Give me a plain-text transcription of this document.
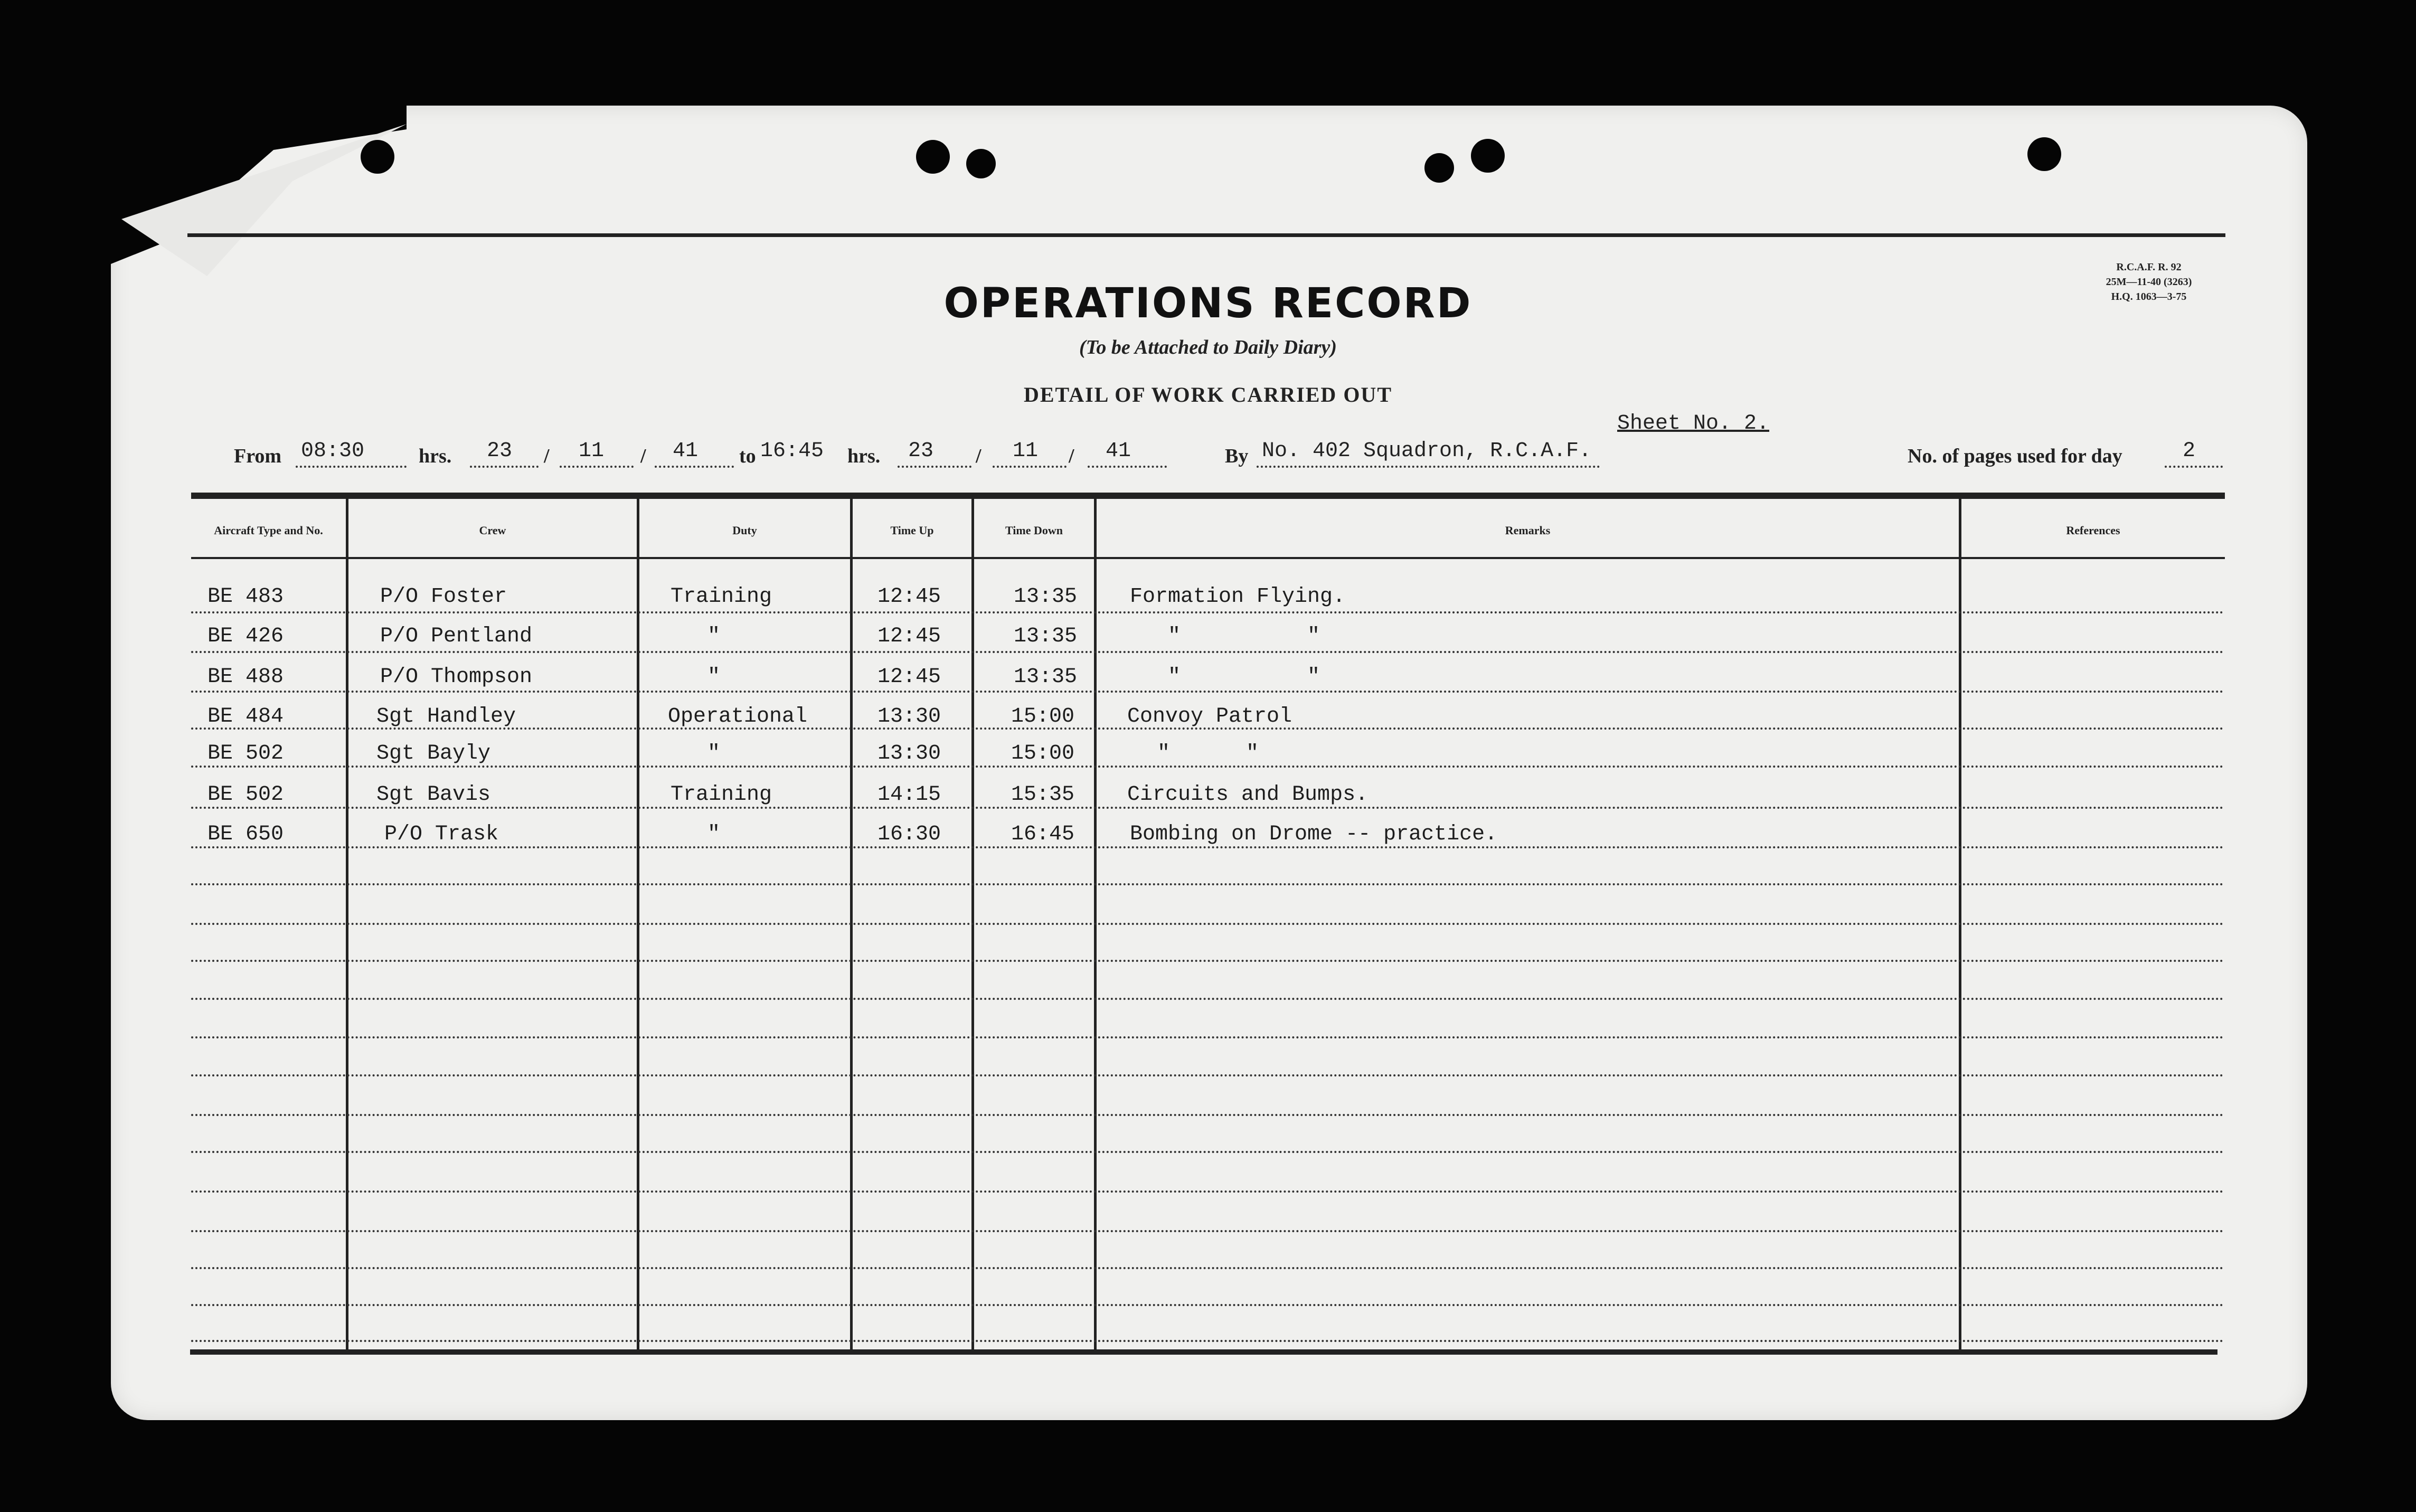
OPERATIONS RECORD
(To be Attached to Daily Diary)
DETAIL OF WORK CARRIED OUT
R.C.A.F. R. 92
25M—11-40 (3263)
H.Q. 1063—3-75
Sheet No. 2.
From 08:30	hrs. 23 / 11 / 41 to 16:45 hrs. 23 / 11 / 41	By No. 402 Squadron, R.C.A.F.	No. of pages used for day	2
Aircraft Type and No.	Crew	Duty	Time Up	Time Down	Remarks	References
BE 483	P/O Foster	Training	12:45	13:35 Formation Flying.
BE 426	P/O Pentland	"	12:45	13:35	"          "
BE 488	P/O Thompson	"	12:45	13:35	"          "
BE 484	Sgt Handley	Operational	13:30	15:00 Convoy Patrol
BE 502	Sgt Bayly	"	13:30	15:00	"      "
BE 502	Sgt Bavis	Training	14:15	15:35 Circuits and Bumps.
BE 650	P/O Trask	"	16:30	16:45	Bombing on Drome -- practice.
